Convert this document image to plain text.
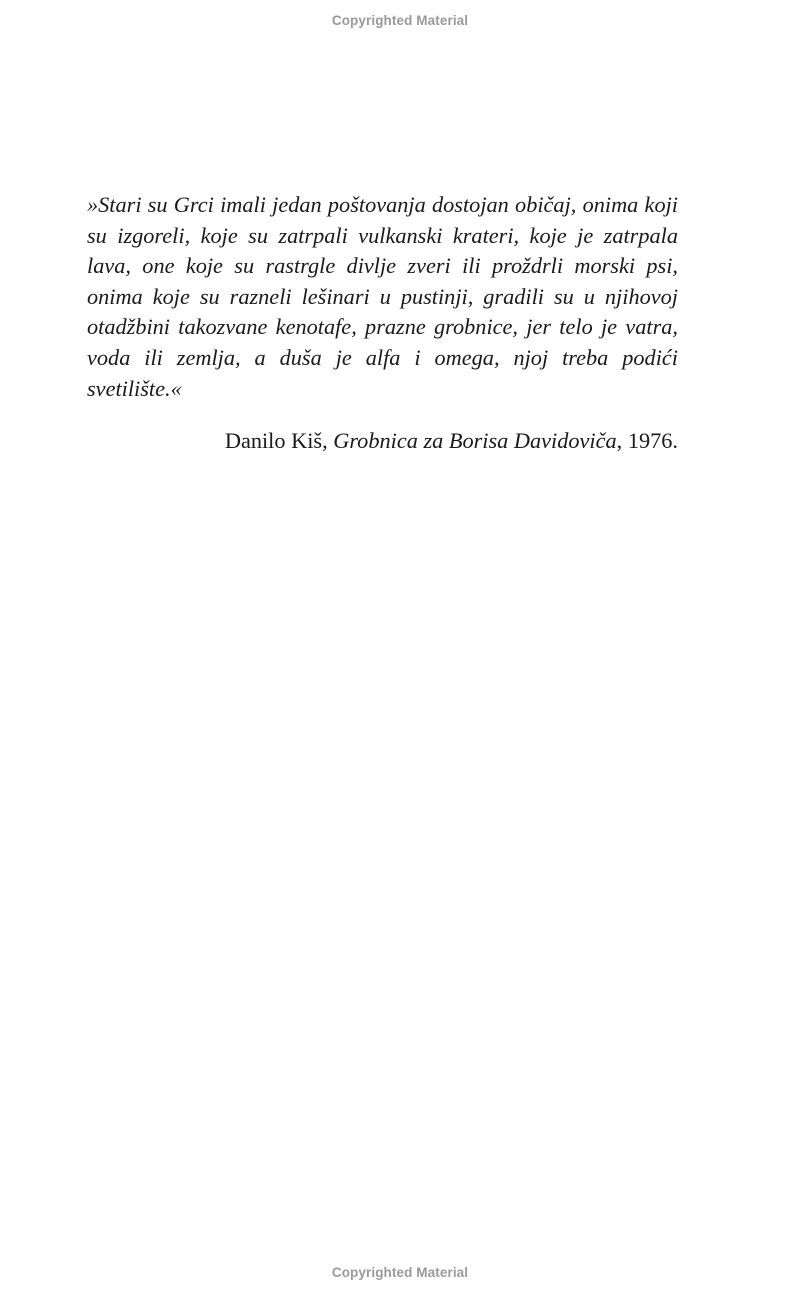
Copyrighted Material

»Stari su Grci imali jedan poštovanja dostojan običaj, onima koji su izgoreli, koje su zatrpali vulkanski krateri, koje je zatrpala lava, one koje su rastrgle divlje zveri ili proždrli morski psi, onima koje su razneli lešinari u pustinji, gradili su u njihovoj otadžbini takozvane kenotafe, prazne grobnice, jer telo je vatra, voda ili zemlja, a duša je alfa i omega, njoj treba podići svetilište.«

Danilo Kiš, Grobnica za Borisa Davidoviča, 1976.

Copyrighted Material
